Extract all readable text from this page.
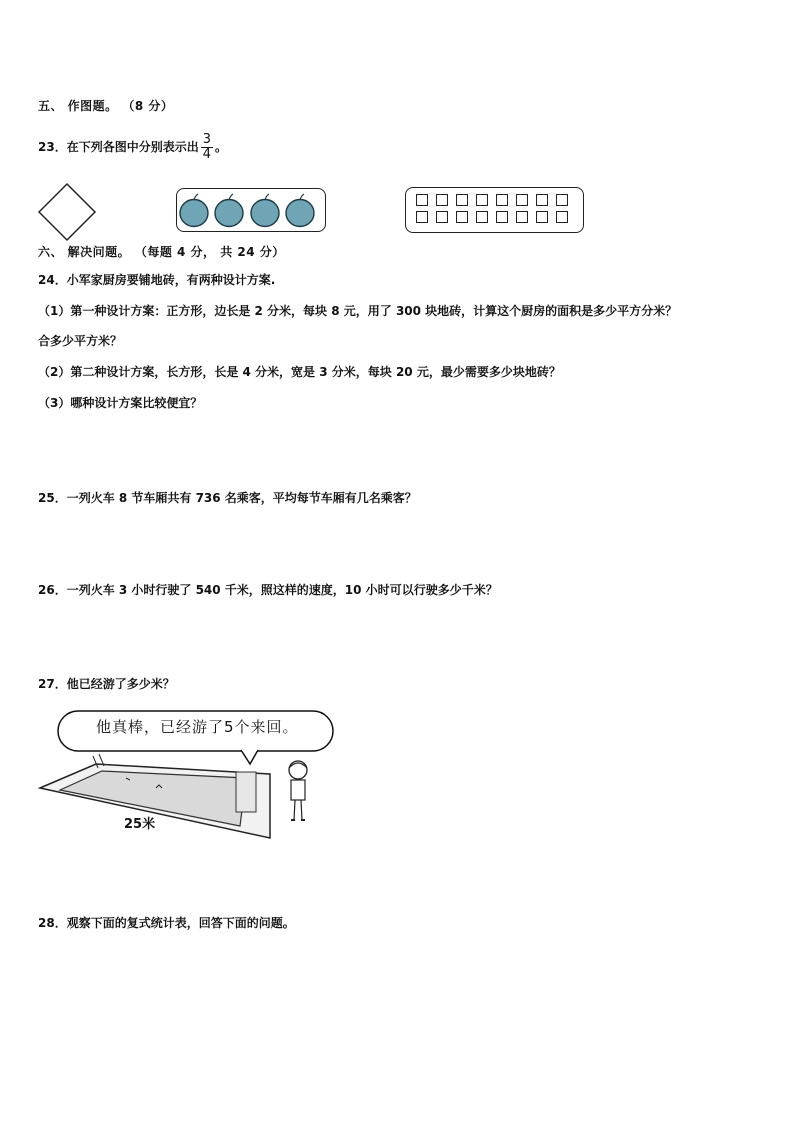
五、 作图题。 （8 分）
23．在下列各图中分别表示出 $\frac{3}{4}$ 。
六、 解决问题。 （每题 4 分， 共 24 分）
24．小军家厨房要铺地砖，有两种设计方案.
（1）第一种设计方案：正方形，边长是 2 分米，每块 8 元，用了 300 块地砖，计算这个厨房的面积是多少平方分米？
合多少平方米？
（2）第二种设计方案，长方形，长是 4 分米，宽是 3 分米，每块 20 元，最少需要多少块地砖？
（3）哪种设计方案比较便宜？
25．一列火车 8 节车厢共有 736 名乘客，平均每节车厢有几名乘客？
26．一列火车 3 小时行驶了 540 千米，照这样的速度，10 小时可以行驶多少千米？
27．他已经游了多少米？
他真棒，已经游了5个来回。
25米
28．观察下面的复式统计表，回答下面的问题。
